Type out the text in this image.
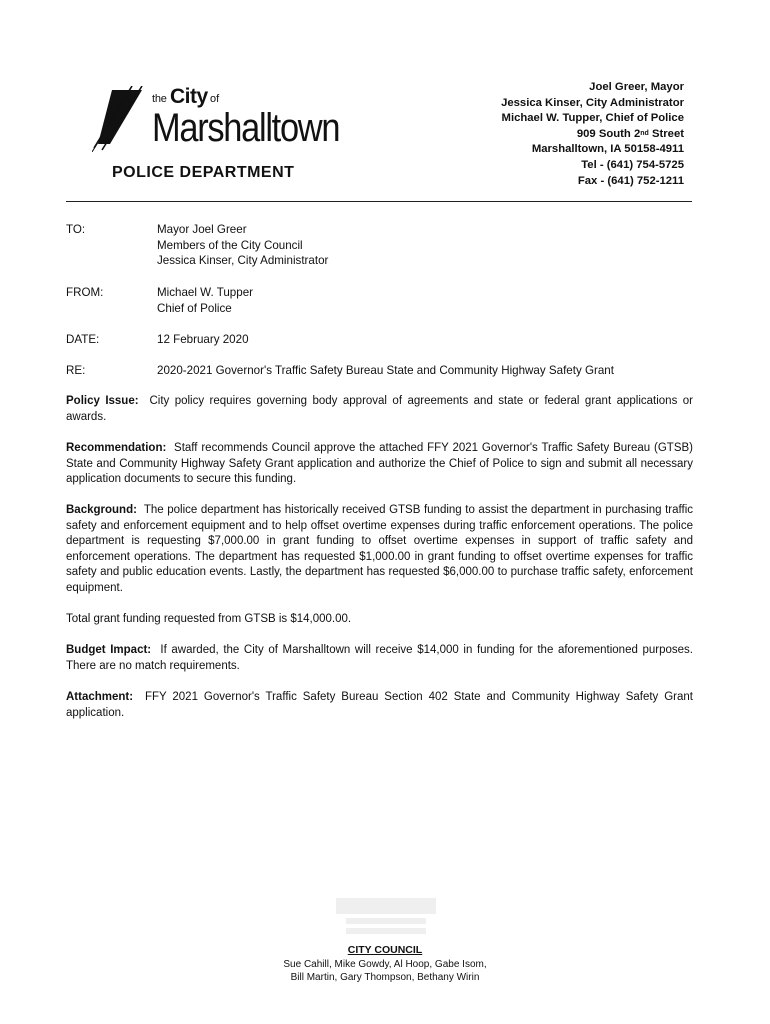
the City of
Marshalltown
POLICE DEPARTMENT
Joel Greer, Mayor
Jessica Kinser, City Administrator
Michael W. Tupper, Chief of Police
909 South 2nd Street
Marshalltown, IA 50158-4911
Tel - (641) 754-5725
Fax - (641) 752-1211
TO:	Mayor Joel Greer
Members of the City Council
Jessica Kinser, City Administrator
FROM:	Michael W. Tupper
Chief of Police
DATE:	12 February 2020
RE:	2020-2021 Governor's Traffic Safety Bureau State and Community Highway Safety Grant
Policy Issue: City policy requires governing body approval of agreements and state or federal grant applications or awards.
Recommendation: Staff recommends Council approve the attached FFY 2021 Governor's Traffic Safety Bureau (GTSB) State and Community Highway Safety Grant application and authorize the Chief of Police to sign and submit all necessary application documents to secure this funding.
Background: The police department has historically received GTSB funding to assist the department in purchasing traffic safety and enforcement equipment and to help offset overtime expenses during traffic enforcement operations. The police department is requesting $7,000.00 in grant funding to offset overtime expenses in support of traffic safety and enforcement operations. The department has requested $1,000.00 in grant funding to offset overtime expenses for traffic safety and public education events. Lastly, the department has requested $6,000.00 to purchase traffic safety, enforcement equipment.
Total grant funding requested from GTSB is $14,000.00.
Budget Impact: If awarded, the City of Marshalltown will receive $14,000 in funding for the aforementioned purposes. There are no match requirements.
Attachment: FFY 2021 Governor's Traffic Safety Bureau Section 402 State and Community Highway Safety Grant application.
CITY COUNCIL
Sue Cahill, Mike Gowdy, Al Hoop, Gabe Isom,
Bill Martin, Gary Thompson, Bethany Wirin
